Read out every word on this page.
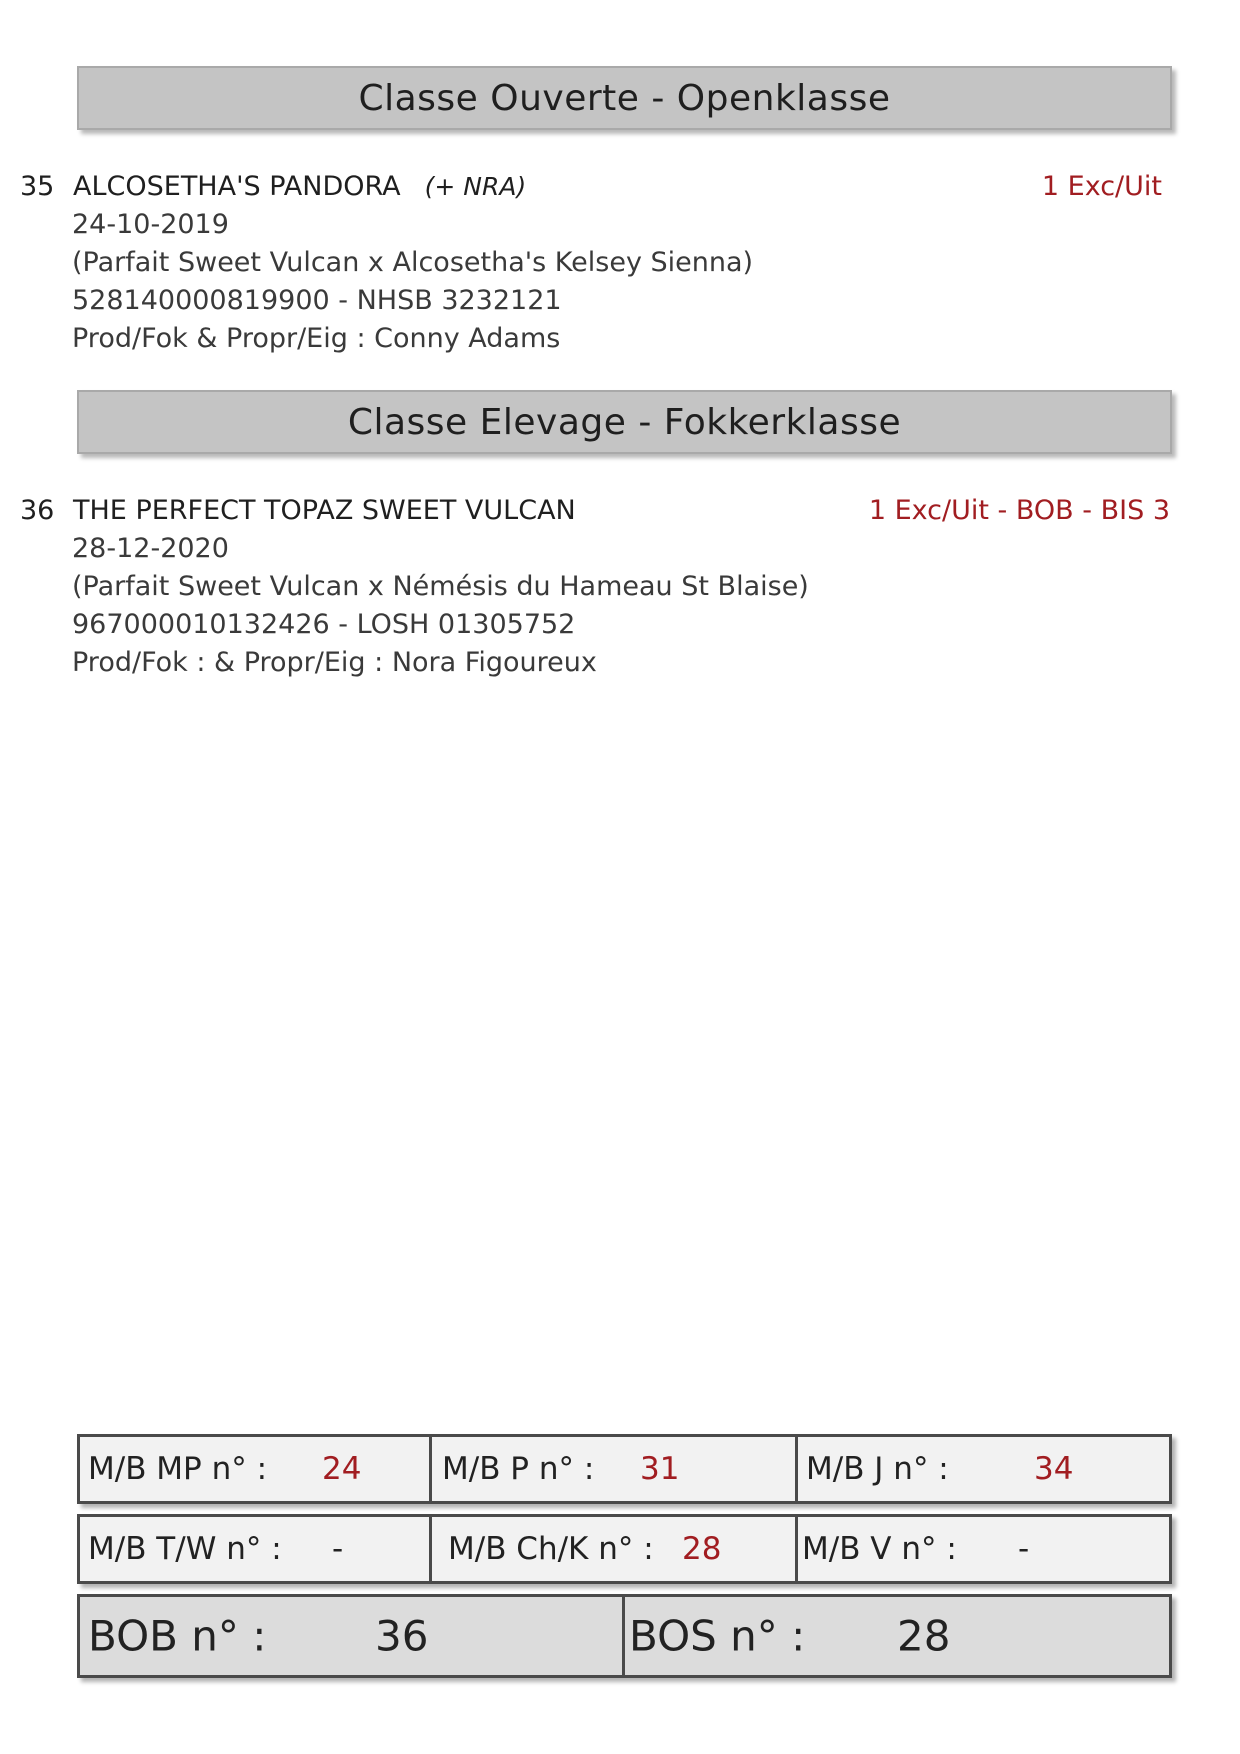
Classe Ouverte - Openklasse
35 ALCOSETHA'S PANDORA (+ NRA)	1 Exc/Uit
24-10-2019
(Parfait Sweet Vulcan x Alcosetha's Kelsey Sienna)
528140000819900 - NHSB 3232121
Prod/Fok & Propr/Eig : Conny Adams
Classe Elevage - Fokkerklasse
36 THE PERFECT TOPAZ SWEET VULCAN	1 Exc/Uit - BOB - BIS 3
28-12-2020
(Parfait Sweet Vulcan x Némésis du Hameau St Blaise)
967000010132426 - LOSH 01305752
Prod/Fok : & Propr/Eig : Nora Figoureux
M/B MP n° : 24	M/B P n° : 31	M/B J n° :	34
M/B T/W n° : -	M/B Ch/K n° : 28	M/B V n° : -
BOB n° :	36	BOS n° : 28
